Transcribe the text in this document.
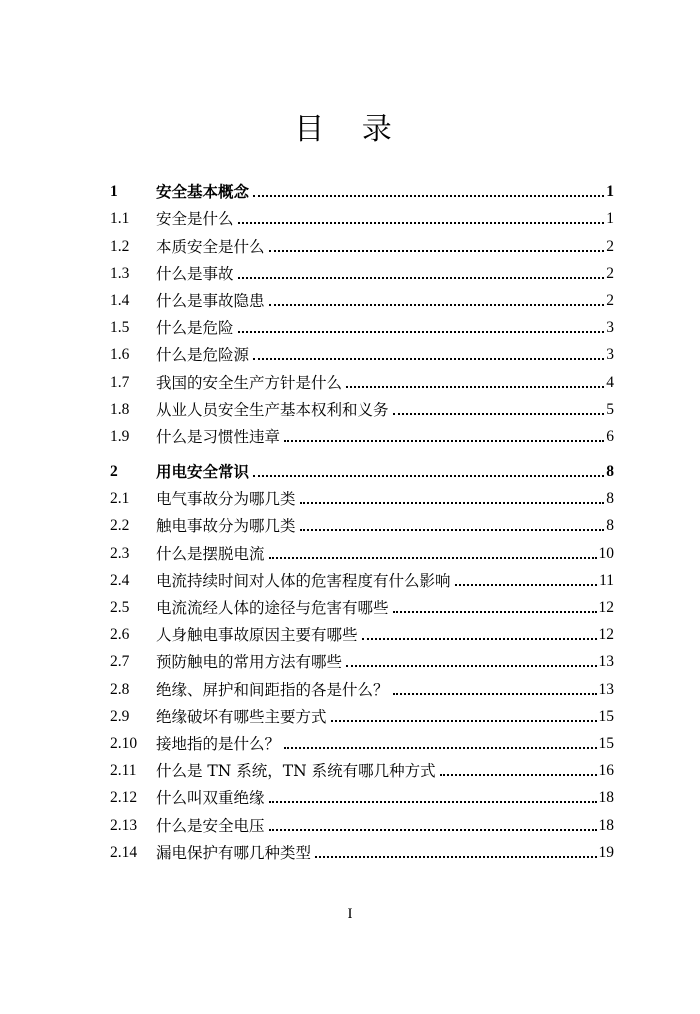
目 录
1	安全基本概念	1
1.1	安全是什么	1
1.2	本质安全是什么	2
1.3	什么是事故	2
1.4	什么是事故隐患	2
1.5	什么是危险	3
1.6	什么是危险源	3
1.7	我国的安全生产方针是什么	4
1.8	从业人员安全生产基本权利和义务	5
1.9	什么是习惯性违章	6
2	用电安全常识	8
2.1	电气事故分为哪几类	8
2.2	触电事故分为哪几类	8
2.3	什么是摆脱电流	10
2.4	电流持续时间对人体的危害程度有什么影响	11
2.5	电流流经人体的途径与危害有哪些	12
2.6	人身触电事故原因主要有哪些	12
2.7	预防触电的常用方法有哪些	13
2.8	绝缘、屏护和间距指的各是什么？	13
2.9	绝缘破坏有哪些主要方式	15
2.10	接地指的是什么？	15
2.11	什么是 TN 系统，TN 系统有哪几种方式	16
2.12	什么叫双重绝缘	18
2.13	什么是安全电压	18
2.14	漏电保护有哪几种类型	19
I
